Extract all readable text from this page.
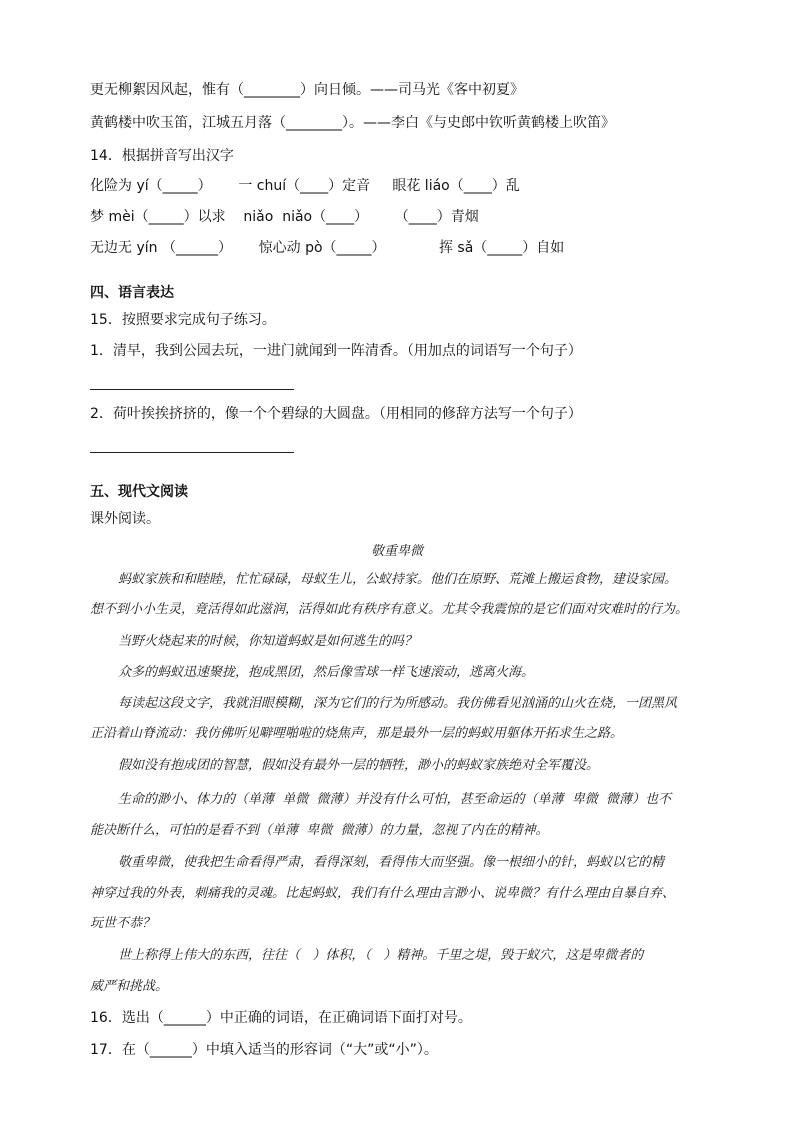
更无柳絮因风起，惟有（________）向日倾。——司马光《客中初夏》
黄鹤楼中吹玉笛，江城五月落（________）。——李白《与史郎中钦听黄鹤楼上吹笛》
14．根据拼音写出汉字
化险为 yí（_____）      一 chuí（____）定音     眼花 liáo（____）乱
梦 mèi（_____）以求    niǎo  niǎo（____）      （____）青烟
无边无 yín （______）      惊心动 pò（_____）            挥 sǎ（_____）自如
四、语言表达
15．按照要求完成句子练习。
1．清早，我到公园去玩，一进门就闻到一阵清香。（用加点的词语写一个句子）
2．荷叶挨挨挤挤的，像一个个碧绿的大圆盘。（用相同的修辞方法写一个句子）
五、现代文阅读
课外阅读。
敬重卑微
蚂蚁家族和和睦睦，忙忙碌碌，母蚁生儿，公蚁持家。他们在原野、荒滩上搬运食物，建设家园。
想不到小小生灵，竟活得如此滋润，活得如此有秩序有意义。尤其令我震惊的是它们面对灾难时的行为。
当野火烧起来的时候，你知道蚂蚁是如何逃生的吗？
众多的蚂蚁迅速聚拢，抱成黑团，然后像雪球一样飞速滚动，逃离火海。
每读起这段文字，我就泪眼模糊，深为它们的行为所感动。我仿佛看见汹涌的山火在烧，一团黑风
正沿着山脊流动：我仿佛听见噼哩啪啦的烧焦声，那是最外一层的蚂蚁用躯体开拓求生之路。
假如没有抱成团的智慧，假如没有最外一层的牺牲，渺小的蚂蚁家族绝对全军覆没。
生命的渺小、体力的（单薄  单微  微薄）并没有什么可怕，甚至命运的（单薄  卑微  微薄）也不
能决断什么，可怕的是看不到（单薄  卑微  微薄）的力量，忽视了内在的精神。
敬重卑微，使我把生命看得严肃，看得深刻，看得伟大而坚强。像一根细小的针，蚂蚁以它的精
神穿过我的外表，刺痛我的灵魂。比起蚂蚁，我们有什么理由言渺小、说卑微？有什么理由自暴自弃、
玩世不恭？
世上称得上伟大的东西，往往（   ）体积，（   ）精神。千里之堤，毁于蚁穴，这是卑微者的
威严和挑战。
16．选出（______）中正确的词语，在正确词语下面打对号。
17．在（______）中填入适当的形容词（“大”或“小”）。
